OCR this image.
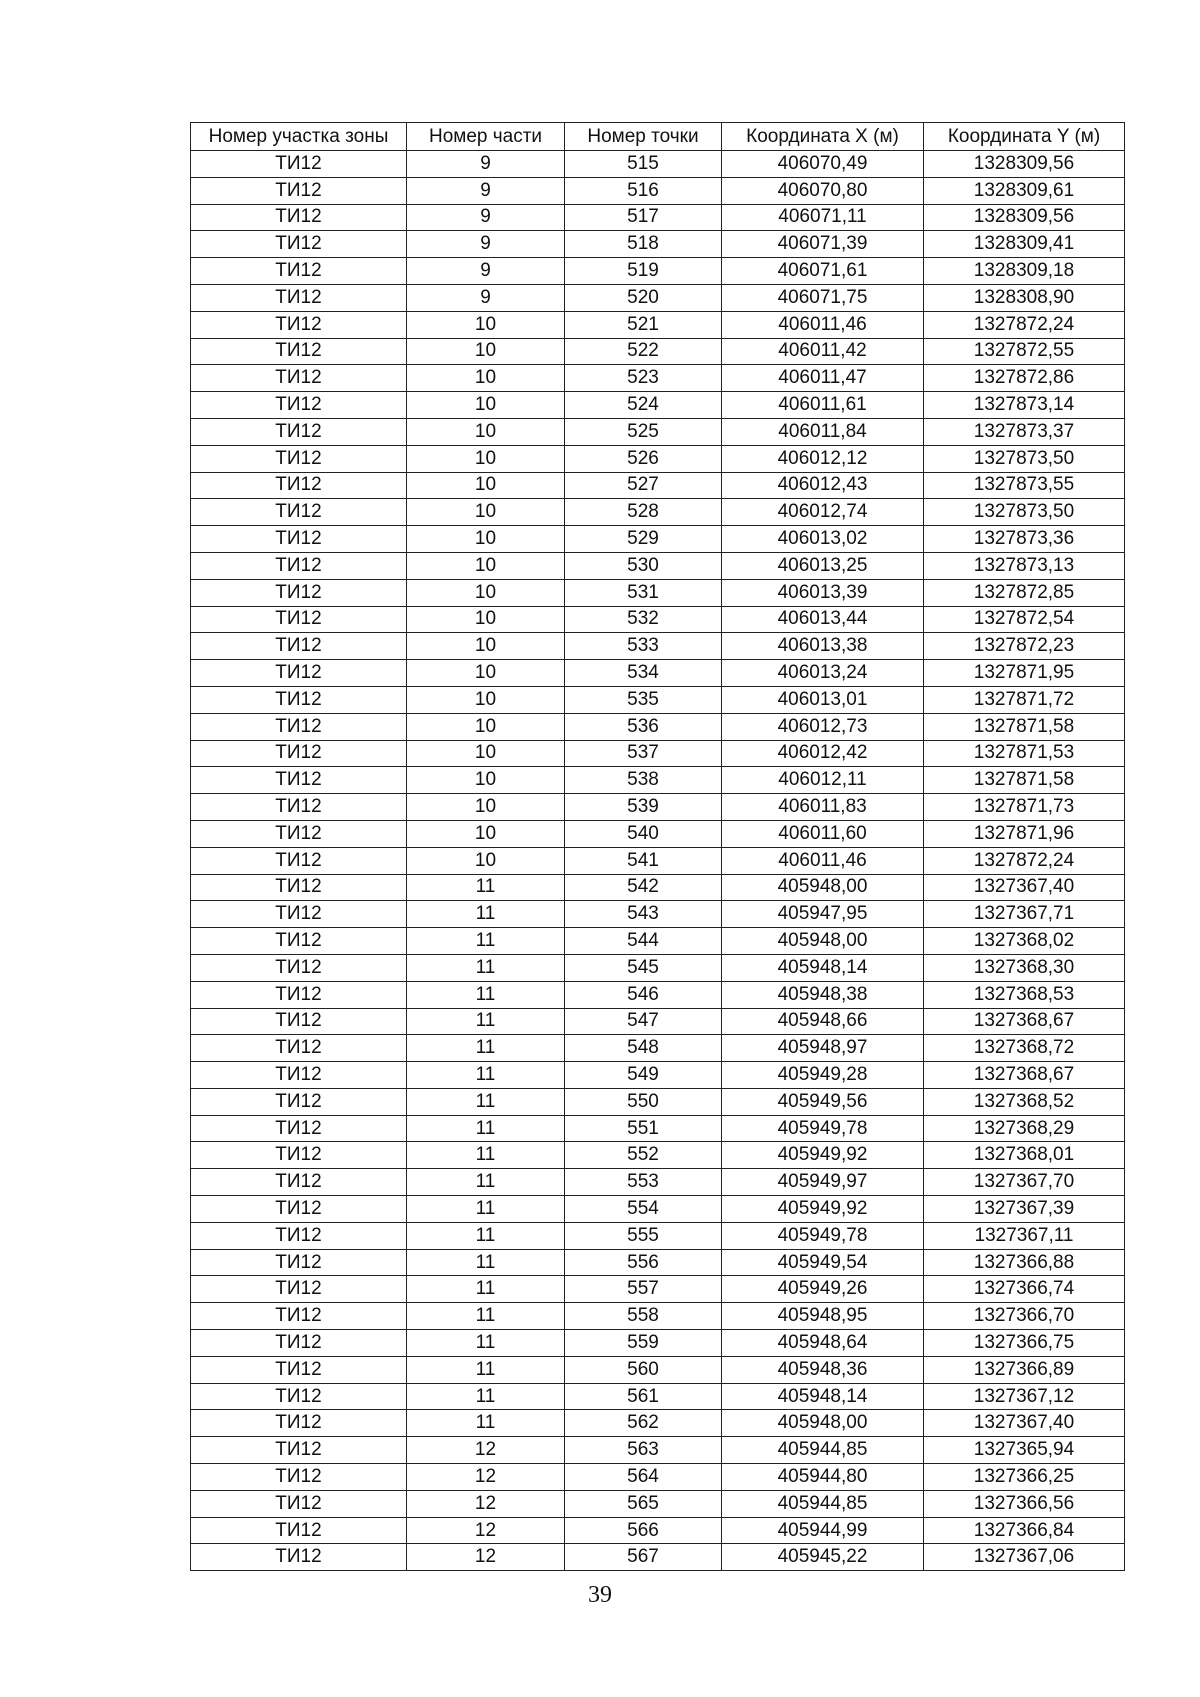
Номер участка зоны	Номер части	Номер точки	Координата X (м)	Координата Y (м)
ТИ12	9	515	406070,49	1328309,56
ТИ12	9	516	406070,80	1328309,61
ТИ12	9	517	406071,11	1328309,56
ТИ12	9	518	406071,39	1328309,41
ТИ12	9	519	406071,61	1328309,18
ТИ12	9	520	406071,75	1328308,90
ТИ12	10	521	406011,46	1327872,24
ТИ12	10	522	406011,42	1327872,55
ТИ12	10	523	406011,47	1327872,86
ТИ12	10	524	406011,61	1327873,14
ТИ12	10	525	406011,84	1327873,37
ТИ12	10	526	406012,12	1327873,50
ТИ12	10	527	406012,43	1327873,55
ТИ12	10	528	406012,74	1327873,50
ТИ12	10	529	406013,02	1327873,36
ТИ12	10	530	406013,25	1327873,13
ТИ12	10	531	406013,39	1327872,85
ТИ12	10	532	406013,44	1327872,54
ТИ12	10	533	406013,38	1327872,23
ТИ12	10	534	406013,24	1327871,95
ТИ12	10	535	406013,01	1327871,72
ТИ12	10	536	406012,73	1327871,58
ТИ12	10	537	406012,42	1327871,53
ТИ12	10	538	406012,11	1327871,58
ТИ12	10	539	406011,83	1327871,73
ТИ12	10	540	406011,60	1327871,96
ТИ12	10	541	406011,46	1327872,24
ТИ12	11	542	405948,00	1327367,40
ТИ12	11	543	405947,95	1327367,71
ТИ12	11	544	405948,00	1327368,02
ТИ12	11	545	405948,14	1327368,30
ТИ12	11	546	405948,38	1327368,53
ТИ12	11	547	405948,66	1327368,67
ТИ12	11	548	405948,97	1327368,72
ТИ12	11	549	405949,28	1327368,67
ТИ12	11	550	405949,56	1327368,52
ТИ12	11	551	405949,78	1327368,29
ТИ12	11	552	405949,92	1327368,01
ТИ12	11	553	405949,97	1327367,70
ТИ12	11	554	405949,92	1327367,39
ТИ12	11	555	405949,78	1327367,11
ТИ12	11	556	405949,54	1327366,88
ТИ12	11	557	405949,26	1327366,74
ТИ12	11	558	405948,95	1327366,70
ТИ12	11	559	405948,64	1327366,75
ТИ12	11	560	405948,36	1327366,89
ТИ12	11	561	405948,14	1327367,12
ТИ12	11	562	405948,00	1327367,40
ТИ12	12	563	405944,85	1327365,94
ТИ12	12	564	405944,80	1327366,25
ТИ12	12	565	405944,85	1327366,56
ТИ12	12	566	405944,99	1327366,84
ТИ12	12	567	405945,22	1327367,06
39
